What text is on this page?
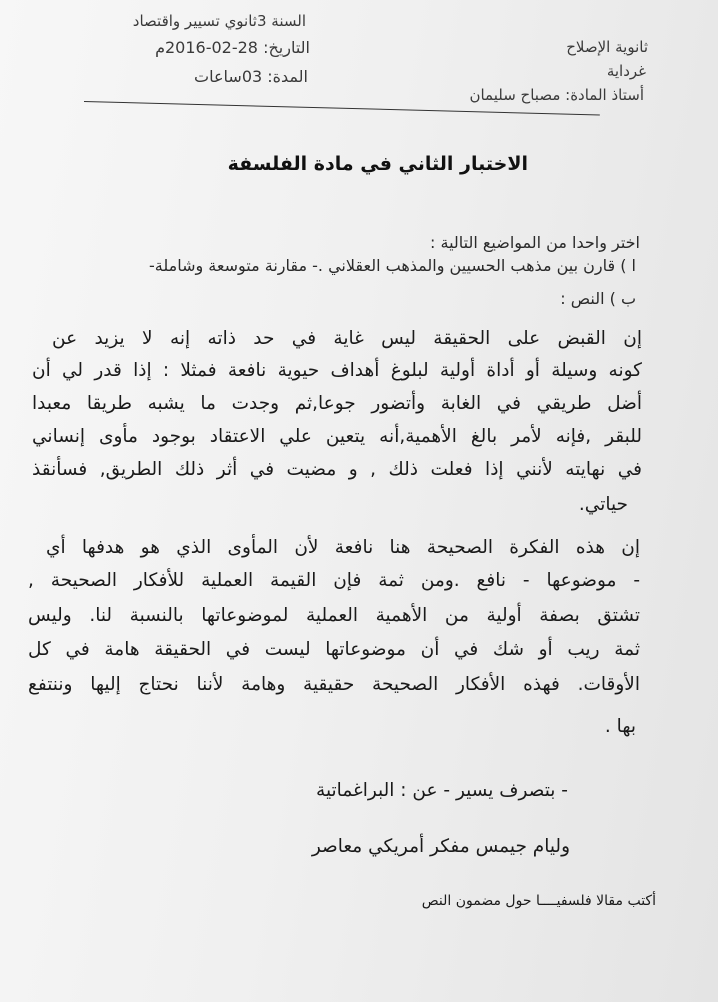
السنة 3ثانوي تسيير واقتصاد
ثانوية الإصلاح
التاريخ: 28-02-2016م
غرداية
المدة: 03ساعات
أستاذ المادة: مصباح سليمان
الاختبار الثاني في مادة الفلسفة
اختر واحدا من المواضيع التالية :
ا ) قارن بين مذهب الحسيين والمذهب العقلاني .- مقارنة متوسعة وشاملة-
ب ) النص :
إن القبض على الحقيقة ليس غاية في حد ذاته إنه لا يزيد عن
كونه وسيلة أو أداة أولية لبلوغ أهداف حيوية نافعة فمثلا : إذا قدر لي أن
أضل طريقي في الغابة وأتضور جوعا,ثم وجدت ما يشبه طريقا معبدا
للبقر ,فإنه لأمر بالغ الأهمية,أنه يتعين علي الاعتقاد بوجود مأوى إنساني
في نهايته لأنني إذا فعلت ذلك , و مضيت في أثر ذلك الطريق, فسأنقذ
حياتي.
إن هذه الفكرة الصحيحة هنا نافعة لأن المأوى الذي هو هدفها أي
- موضوعها - نافع .ومن ثمة فإن القيمة العملية للأفكار الصحيحة ,
تشتق بصفة أولية من الأهمية العملية لموضوعاتها بالنسبة لنا. وليس
ثمة ريب أو شك في أن موضوعاتها ليست في الحقيقة هامة في كل
الأوقات. فهذه الأفكار الصحيحة حقيقية وهامة لأننا نحتاج إليها وننتفع
بها .
- بتصرف يسير - عن : البراغماتية
وليام جيمس مفكر أمريكي معاصر
أكتب مقالا فلسفيــــا حول مضمون النص
